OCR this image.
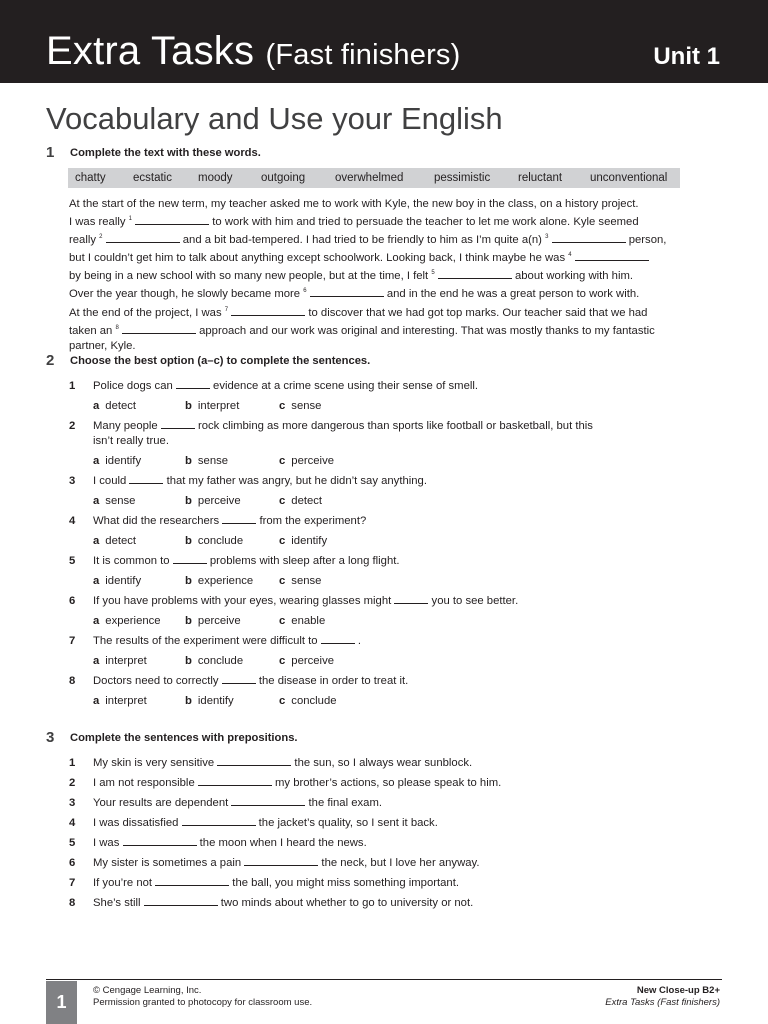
Extra Tasks (Fast finishers)	Unit 1
Vocabulary and Use your English
1 Complete the text with these words.
chatty	ecstatic	moody	outgoing	overwhelmed	pessimistic	reluctant	unconventional
At the start of the new term, my teacher asked me to work with Kyle, the new boy in the class, on a history project.
I was really $^1$	to work with him and tried to persuade the teacher to let me work alone. Kyle seemed
really $^2$	and a bit bad-tempered. I had tried to be friendly to him as I’m quite a(n) $^3$	person,
but I couldn’t get him to talk about anything except schoolwork. Looking back, I think maybe he was $^4$
by being in a new school with so many new people, but at the time, I felt $^5$	about working with him.
Over the year though, he slowly became more $^6$	and in the end he was a great person to work with.
At the end of the project, I was $^7$	to discover that we had got top marks. Our teacher said that we had
taken an $^8$	approach and our work was original and interesting. That was mostly thanks to my fantastic
partner, Kyle.
2 Choose the best option (a–c) to complete the sentences.
1	Police dogs can	evidence at a crime scene using their sense of smell.
a detect	b interpret	c sense
2	Many people	rock climbing as more dangerous than sports like football or basketball, but this
isn’t really true.
a identify	b sense	c perceive
3	I could	that my father was angry, but he didn’t say anything.
a sense	b perceive	c detect
4	What did the researchers	from the experiment?
a detect	b conclude	c identify
5	It is common to	problems with sleep after a long flight.
a identify	b experience c sense
6	If you have problems with your eyes, wearing glasses might	you to see better.
a experience b perceive	c enable
7	The results of the experiment were difficult to	.
a interpret	b conclude	c perceive
8	Doctors need to correctly	the disease in order to treat it.
a interpret	b identify	c conclude
3 Complete the sentences with prepositions.
1	My skin is very sensitive	the sun, so I always wear sunblock.
2	I am not responsible	my brother’s actions, so please speak to him.
3	Your results are dependent	the final exam.
4	I was dissatisfied	the jacket’s quality, so I sent it back.
5	I was	the moon when I heard the news.
6	My sister is sometimes a pain	the neck, but I love her anyway.
7	If you’re not	the ball, you might miss something important.
8	She’s still	two minds about whether to go to university or not.
1
© Cengage Learning, Inc.
Permission granted to photocopy for classroom use.
New Close-up B2+
Extra Tasks (Fast finishers)
